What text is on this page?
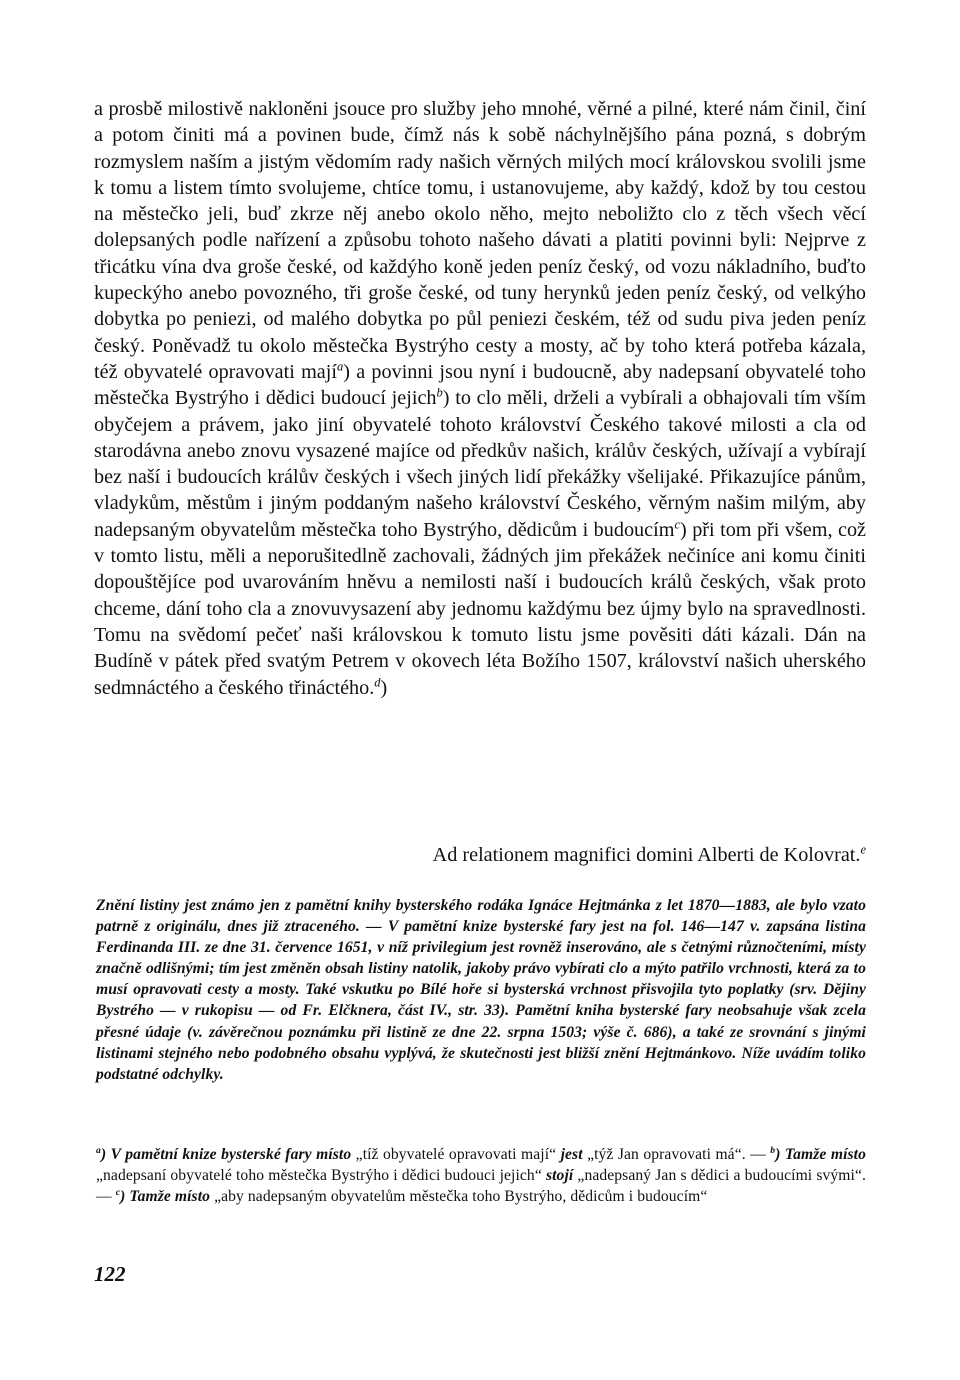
a prosbě milostivě nakloněni jsouce pro služby jeho mnohé, věrné a pilné, které nám činil, činí a potom činiti má a povinen bude, čímž nás k sobě náchylnějšího pána pozná, s dobrým rozmyslem naším a jistým vědomím rady našich věrných milých mocí královskou svolili jsme k tomu a listem tímto svolujeme, chtíce tomu, i ustanovujeme, aby každý, kdož by tou cestou na městečko jeli, buď zkrze něj anebo okolo něho, mejto neboližto clo z těch všech věcí dolepsaných podle nařízení a způsobu tohoto našeho dávati a platiti povinni byli: Nejprve z třicátku vína dva groše české, od každýho koně jeden peníz český, od vozu nákladního, buďto kupeckýho anebo povozného, tři groše české, od tuny herynků jeden peníz český, od velkýho dobytka po peniezi, od malého dobytka po půl peniezi českém, též od sudu piva jeden peníz český. Poněvadž tu okolo městečka Bystrýho cesty a mosty, ač by toho která potřeba kázala, též obyvatelé opravovati mají$^a$) a povinni jsou nyní i budoucně, aby nadepsaní obyvatelé toho městečka Bystrýho i dědici budoucí jejich$^b$) to clo měli, drželi a vybírali a obhajovali tím vším obyčejem a právem, jako jiní obyvatelé tohoto království Českého takové milosti a cla od starodávna anebo znovu vysazené majíce od předkův našich, králův českých, užívají a vybírají bez naší i budoucích králův českých i všech jiných lidí překážky všelijaké. Přikazujíce pánům, vladykům, městům i jiným poddaným našeho království Českého, věrným našim milým, aby nadepsaným obyvatelům městečka toho Bystrýho, dědicům i budoucím$^c$) při tom při všem, což v tomto listu, měli a neporušitedlně zachovali, žádných jim překážek nečiníce ani komu činiti dopouštějíce pod uvarováním hněvu a nemilosti naší i budoucích králů českých, však proto chceme, dání toho cla a znovuvysazení aby jednomu každýmu bez újmy bylo na spravedlnosti. Tomu na svědomí pečeť naši královskou k tomuto listu jsme pověsiti dáti kázali. Dán na Budíně v pátek před svatým Petrem v okovech léta Božího 1507, království našich uherského sedmnáctého a českého třináctého.$^d$)

Ad relationem magnifici domini Alberti de Kolovrat.$^e$

Znění listiny jest známo jen z pamětní knihy bysterského rodáka Ignáce Hejtmánka z let 1870—1883, ale bylo vzato patrně z originálu, dnes již ztraceného. — V pamětní knize bysterské fary jest na fol. 146—147 v. zapsána listina Ferdinanda III. ze dne 31. července 1651, v níž privilegium jest rovněž inserováno, ale s četnými různočteními, místy značně odlišnými; tím jest změněn obsah listiny natolik, jakoby právo vybírati clo a mýto patřilo vrchnosti, která za to musí opravovati cesty a mosty. Také vskutku po Bílé hoře si bysterská vrchnost přisvojila tyto poplatky (srv. Dějiny Bystrého — v rukopisu — od Fr. Elčknera, část IV., str. 33). Pamětní kniha bysterské fary neobsahuje však zcela přesné údaje (v. závěrečnou poznámku při listině ze dne 22. srpna 1503; výše č. 686), a také ze srovnání s jinými listinami stejného nebo podobného obsahu vyplývá, že skutečnosti jest bližší znění Hejtmánkovo. Níže uvádím toliko podstatné odchylky.

$^a$) V pamětní knize bysterské fary místo „tíž obyvatelé opravovati mají“ jest „týž Jan opravovati má“. — $^b$) Tamže místo „nadepsaní obyvatelé toho městečka Bystrýho i dědici budouci jejich“ stojí „nadepsaný Jan s dědici a budoucími svými“. — $^c$) Tamže místo „aby nadepsaným obyvatelům městečka toho Bystrýho, dědicům i budoucím“

122
